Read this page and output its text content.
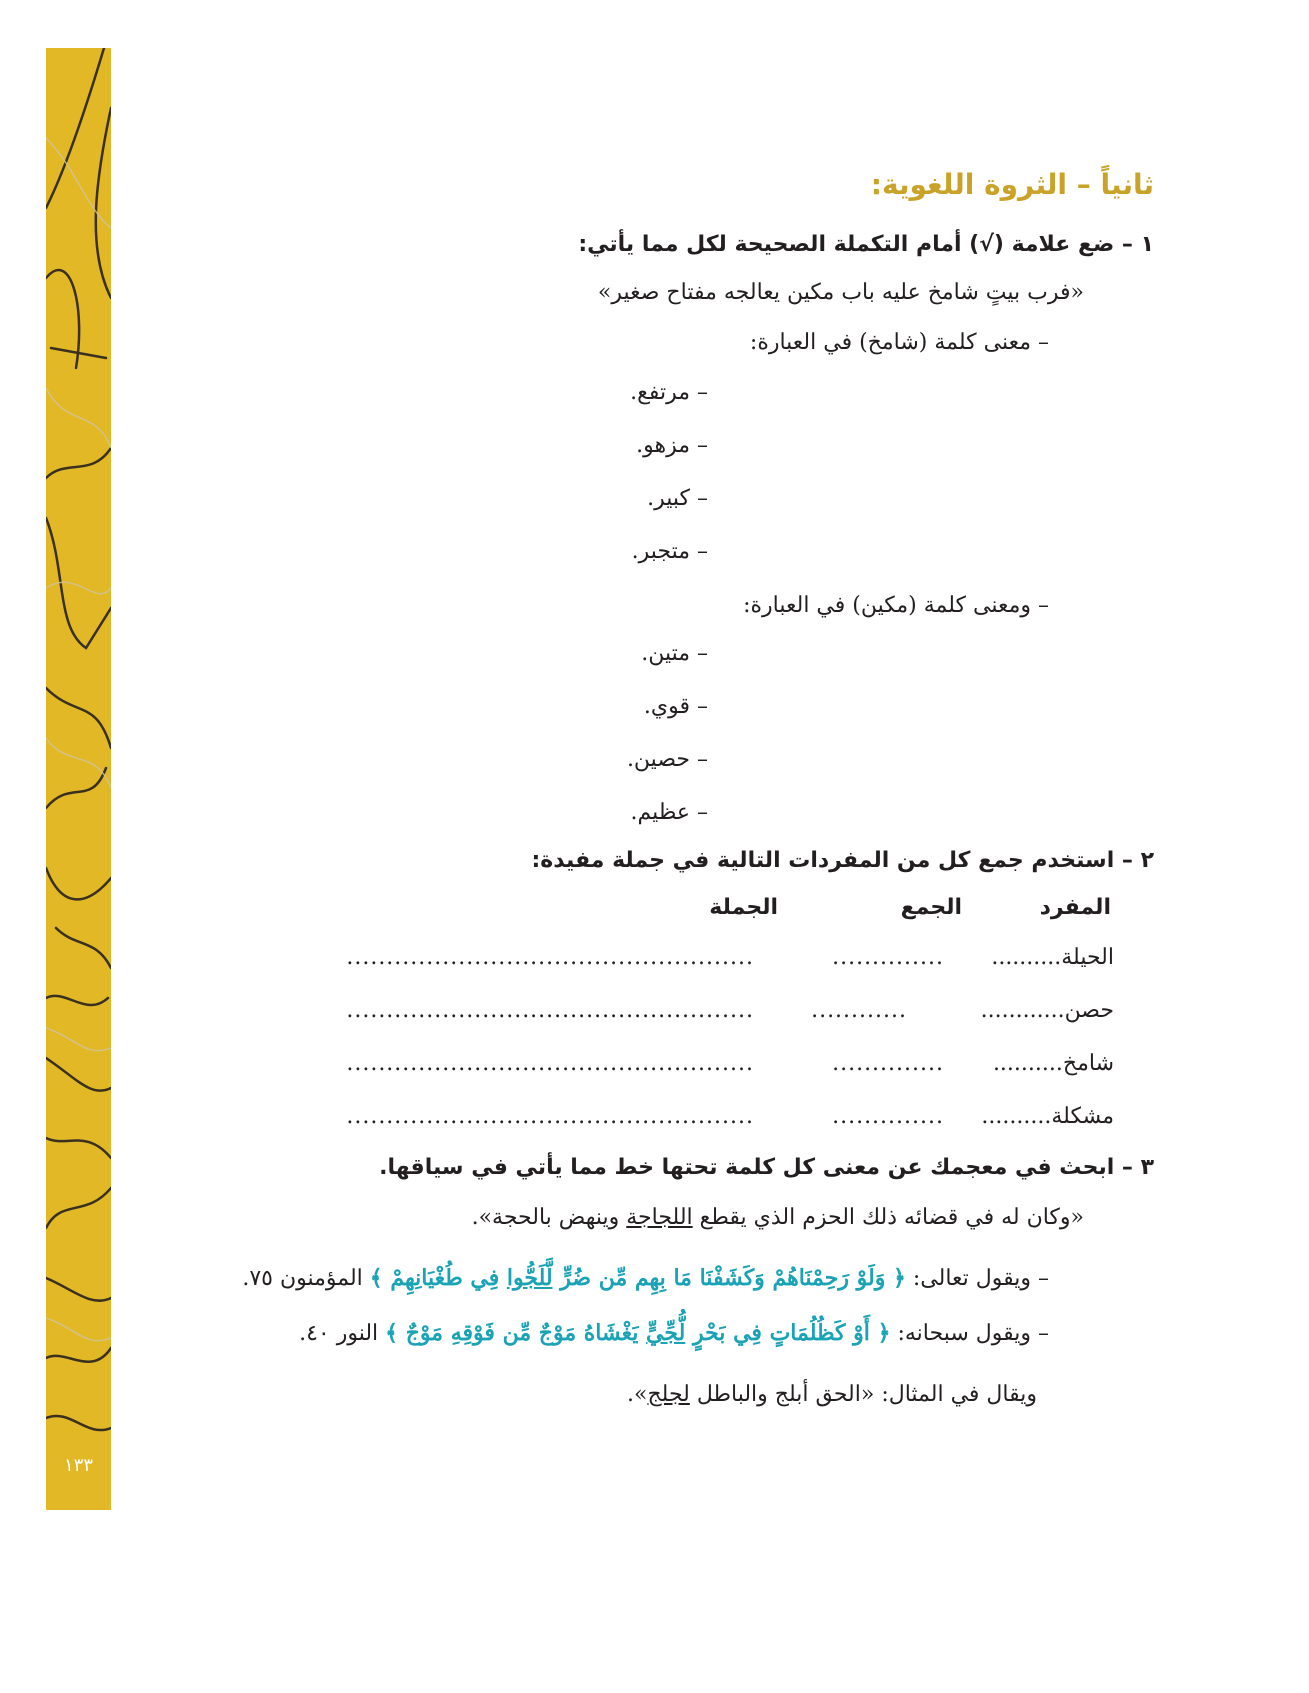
١٣٣
ثانياً – الثروة اللغوية:
١ – ضع علامة (√) أمام التكملة الصحيحة لكل مما يأتي:
«فرب بيتٍ شامخ عليه باب مكين يعالجه مفتاح صغير»
– معنى كلمة (شامخ) في العبارة:
– مرتفع.
– مزهو.
– كبير.
– متجبر.
– ومعنى كلمة (مكين) في العبارة:
– متين.
– قوي.
– حصين.
– عظيم.
٢ – استخدم جمع كل من المفردات التالية في جملة مفيدة:
المفرد
الجمع
الجملة
الحيلة..........
..............
...................................................
حصن............
............
...................................................
شامخ..........
..............
...................................................
مشكلة..........
..............
...................................................
٣ – ابحث في معجمك عن معنى كل كلمة تحتها خط مما يأتي في سياقها.
«وكان له في قضائه ذلك الحزم الذي يقطع اللجاجة وينهض بالحجة».
– ويقول تعالى: ﴿ وَلَوْ رَحِمْنَاهُمْ وَكَشَفْنَا مَا بِهِم مِّن ضُرٍّ لَّلَجُّوا فِي طُغْيَانِهِمْ ﴾ المؤمنون ٧٥.
– ويقول سبحانه: ﴿ أَوْ كَظُلُمَاتٍ فِي بَحْرٍ لُّجِّيٍّ يَغْشَاهُ مَوْجٌ مِّن فَوْقِهِ مَوْجٌ ﴾ النور ٤٠.
ويقال في المثال: «الحق أبلج والباطل لجلج».
